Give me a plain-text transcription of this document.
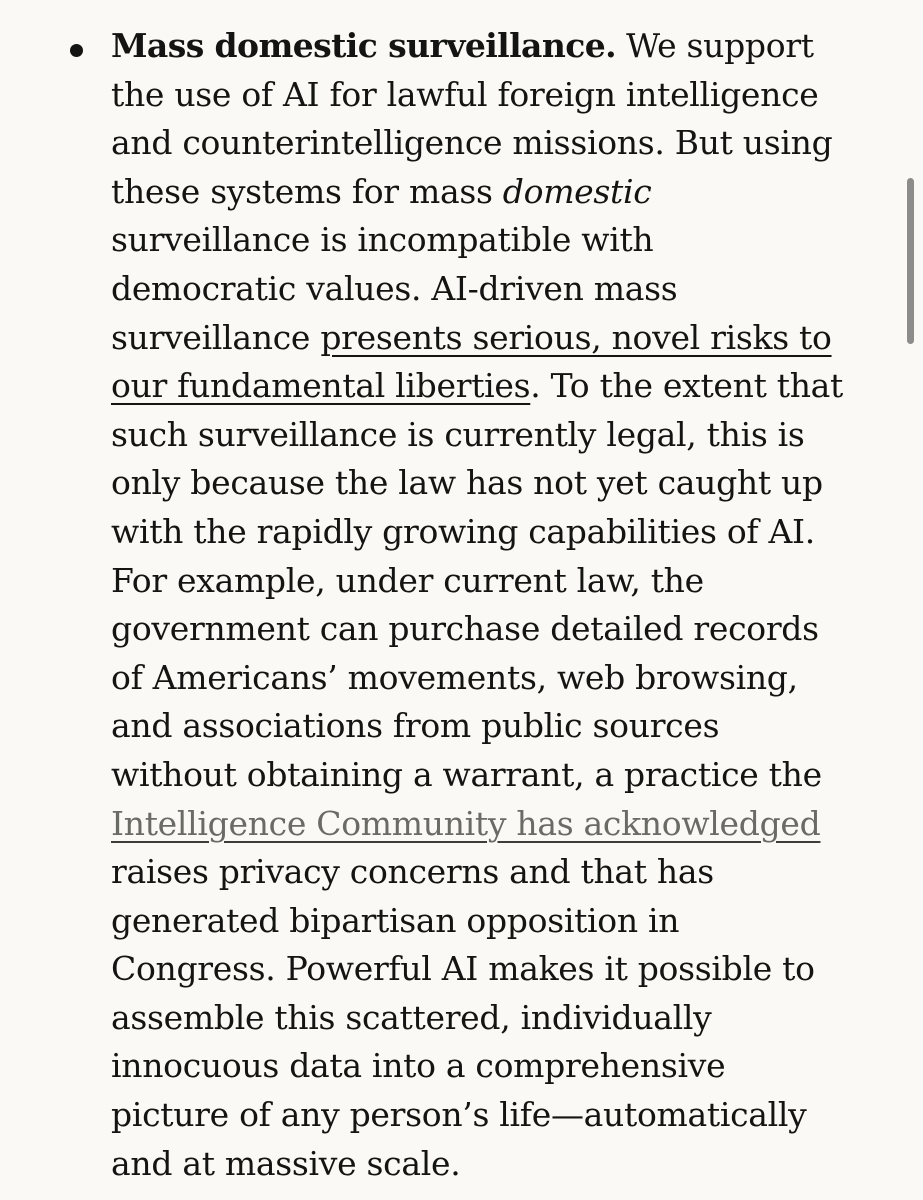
Mass domestic surveillance. We support
the use of AI for lawful foreign intelligence
and counterintelligence missions. But using
these systems for mass domestic
surveillance is incompatible with
democratic values. AI-driven mass
surveillance presents serious, novel risks to
our fundamental liberties. To the extent that
such surveillance is currently legal, this is
only because the law has not yet caught up
with the rapidly growing capabilities of AI.
For example, under current law, the
government can purchase detailed records
of Americans’ movements, web browsing,
and associations from public sources
without obtaining a warrant, a practice the
Intelligence Community has acknowledged
raises privacy concerns and that has
generated bipartisan opposition in
Congress. Powerful AI makes it possible to
assemble this scattered, individually
innocuous data into a comprehensive
picture of any person’s life—automatically
and at massive scale.
